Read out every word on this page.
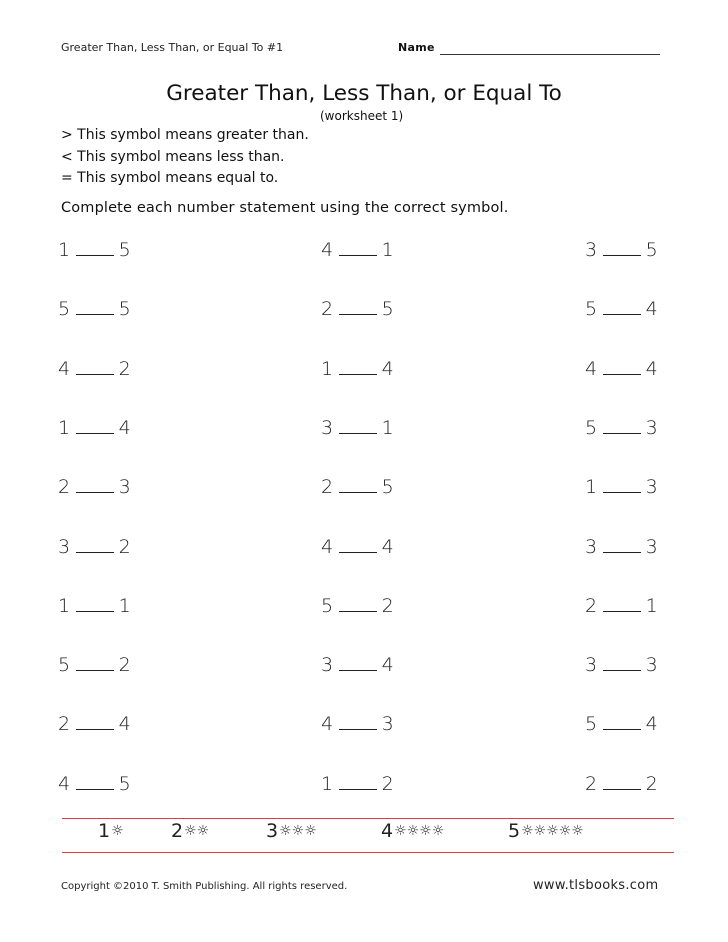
Greater Than, Less Than, or Equal To #1	Name
Greater Than, Less Than, or Equal To
(worksheet 1)
> This symbol means greater than.
< This symbol means less than.
= This symbol means equal to.
Complete each number statement using the correct symbol.
1	5	4	1	3	5
5	5	2	5	5	4
4	2	1	4	4	4
1	4	3	1	5	3
2	3	2	5	1	3
3	2	4	4	3	3
1	1	5	2	2	1
5	2	3	4	3	3
2	4	4	3	5	4
4	5	1	2	2	2
1 ☼ 2 ☼☼	3 ☼☼☼	4 ☼☼☼☼	5 ☼☼☼☼☼
Copyright ©2010 T. Smith Publishing. All rights reserved.	www.tlsbooks.com
